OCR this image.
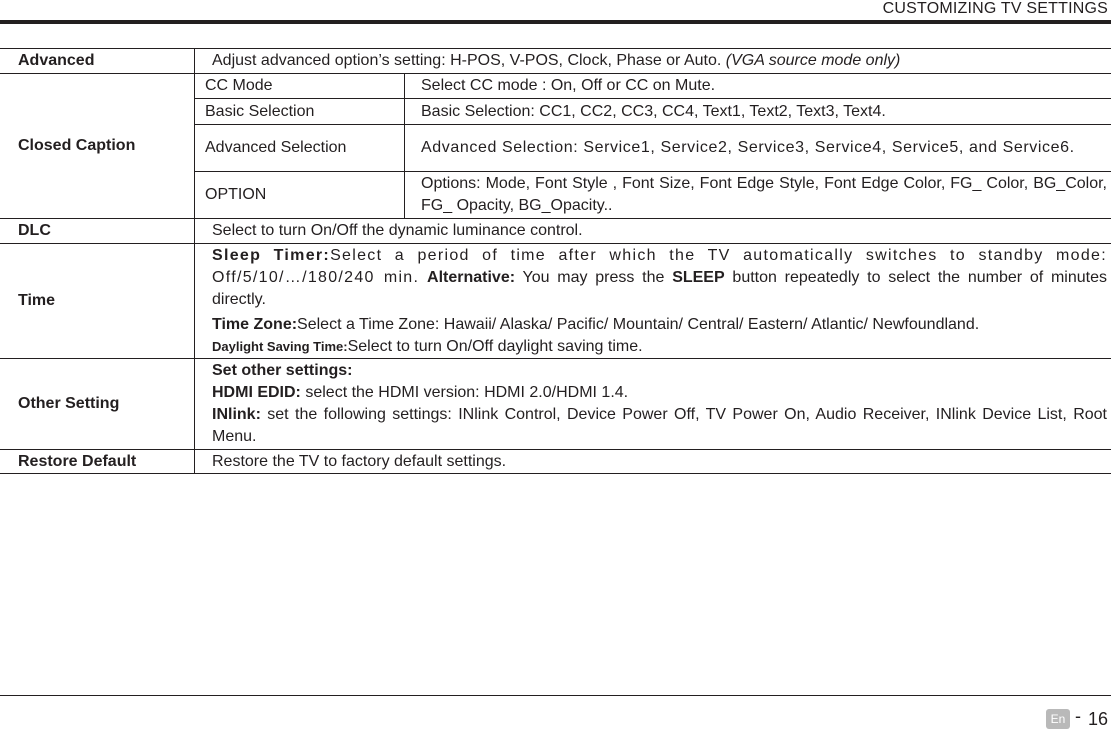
CUSTOMIZING TV SETTINGS
Advanced	Adjust advanced option’s setting: H-POS, V-POS, Clock, Phase or Auto. (VGA source mode only)	
Closed Caption	CC Mode	Select CC mode : On, Off or CC on Mute.
	Basic Selection	Basic Selection: CC1, CC2, CC3, CC4, Text1, Text2, Text3, Text4.
	Advanced Selection	Advanced Selection: Service1, Service2, Service3, Service4, Service5, and Service6.
	OPTION	Options: Mode, Font Style , Font Size, Font Edge Style, Font Edge Color, FG_ Color, BG_Color, FG_ Opacity, BG_Opacity..
DLC	Select to turn On/Off the dynamic luminance control.	
Time	Sleep Timer:Select a period of time after which the TV automatically switches to standby mode: Off/5/10/…/180/240 min. Alternative: You may press the SLEEP button repeatedly to select the number of minutes directly.
Time Zone:Select a Time Zone: Hawaii/ Alaska/ Pacific/ Mountain/ Central/ Eastern/ Atlantic/ Newfoundland.
Daylight Saving Time:Select to turn On/Off daylight saving time.	

Other Setting	Set other settings:
HDMI EDID: select the HDMI version: HDMI 2.0/HDMI 1.4.
INlink: set the following settings: INlink Control, Device Power Off, TV Power On, Audio Receiver, INlink Device List, Root Menu.	

Restore Default	Restore the TV to factory default settings.	
En - 16
